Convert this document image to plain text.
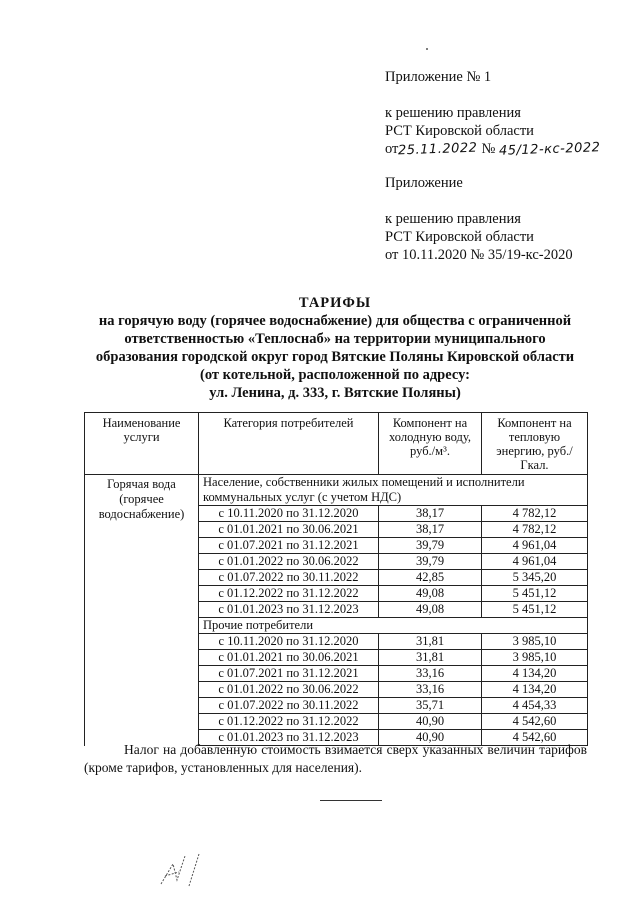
Приложение № 1
к решению правления
РСТ Кировской области
от25.11.2022 № 45/12-кс-2022
Приложение
к решению правления
РСТ Кировской области
от 10.11.2020 № 35/19-кс-2020
ТАРИФЫ
на горячую воду (горячее водоснабжение) для общества с ограниченной
ответственностью «Теплоснаб» на территории муниципального
образования городской округ город Вятские Поляны Кировской области
(от котельной, расположенной по адресу:
ул. Ленина, д. 333, г. Вятские Поляны)
Наименование услуги	Категория потребителей	Компонент на холодную воду, руб./м³.	Компонент на тепловую энергию, руб./Гкал.
Горячая вода (горячее водоснабжение)	Население, собственники жилых помещений и исполнители коммунальных услуг (с учетом НДС)		
	с 10.11.2020 по 31.12.2020	38,17	4 782,12
	с 01.01.2021 по 30.06.2021	38,17	4 782,12
	с 01.07.2021 по 31.12.2021	39,79	4 961,04
	с 01.01.2022 по 30.06.2022	39,79	4 961,04
	с 01.07.2022 по 30.11.2022	42,85	5 345,20
	с 01.12.2022 по 31.12.2022	49,08	5 451,12
	с 01.01.2023 по 31.12.2023	49,08	5 451,12
	Прочие потребители		
	с 10.11.2020 по 31.12.2020	31,81	3 985,10
	с 01.01.2021 по 30.06.2021	31,81	3 985,10
	с 01.07.2021 по 31.12.2021	33,16	4 134,20
	с 01.01.2022 по 30.06.2022	33,16	4 134,20
	с 01.07.2022 по 30.11.2022	35,71	4 454,33
	с 01.12.2022 по 31.12.2022	40,90	4 542,60
	с 01.01.2023 по 31.12.2023	40,90	4 542,60
Налог на добавленную стоимость взимается сверх указанных величин тарифов (кроме тарифов, установленных для населения).
